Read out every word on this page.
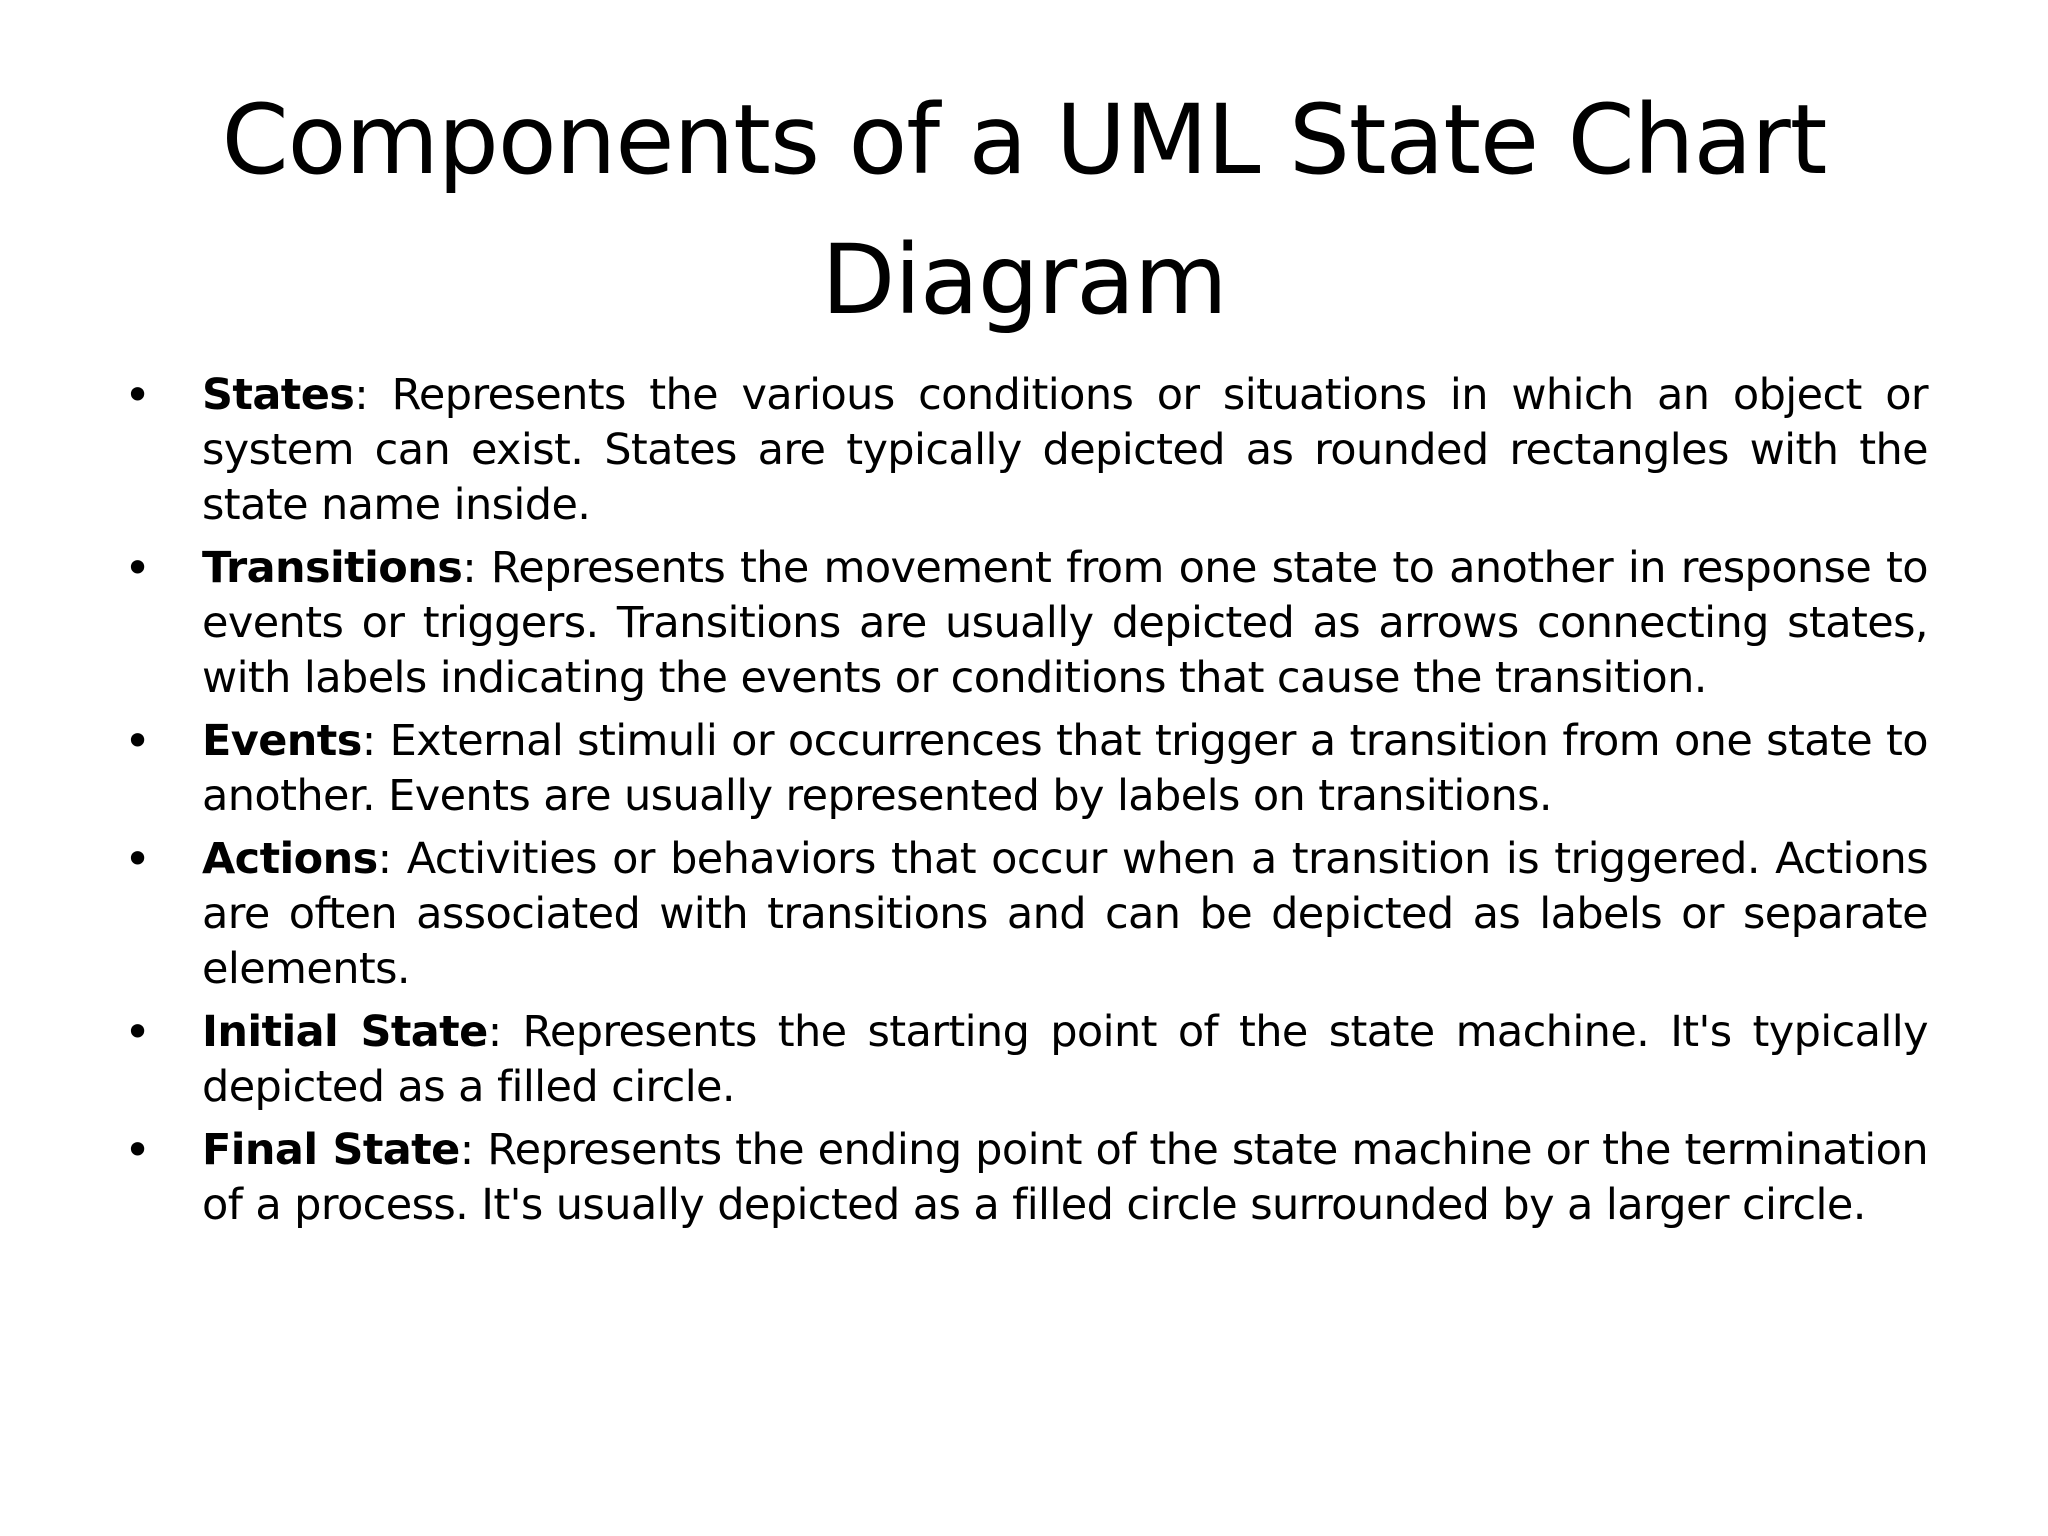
Components of a UML State Chart Diagram
• States: Represents the various conditions or situations in which an object or system can exist. States are typically depicted as rounded rectangles with the state name inside.
• Transitions: Represents the movement from one state to another in response to events or triggers. Transitions are usually depicted as arrows connecting states, with labels indicating the events or conditions that cause the transition.
• Events: External stimuli or occurrences that trigger a transition from one state to another. Events are usually represented by labels on transitions.
• Actions: Activities or behaviors that occur when a transition is triggered. Actions are often associated with transitions and can be depicted as labels or separate elements.
• Initial State: Represents the starting point of the state machine. It's typically depicted as a filled circle.
• Final State: Represents the ending point of the state machine or the termination of a process. It's usually depicted as a filled circle surrounded by a larger circle.
